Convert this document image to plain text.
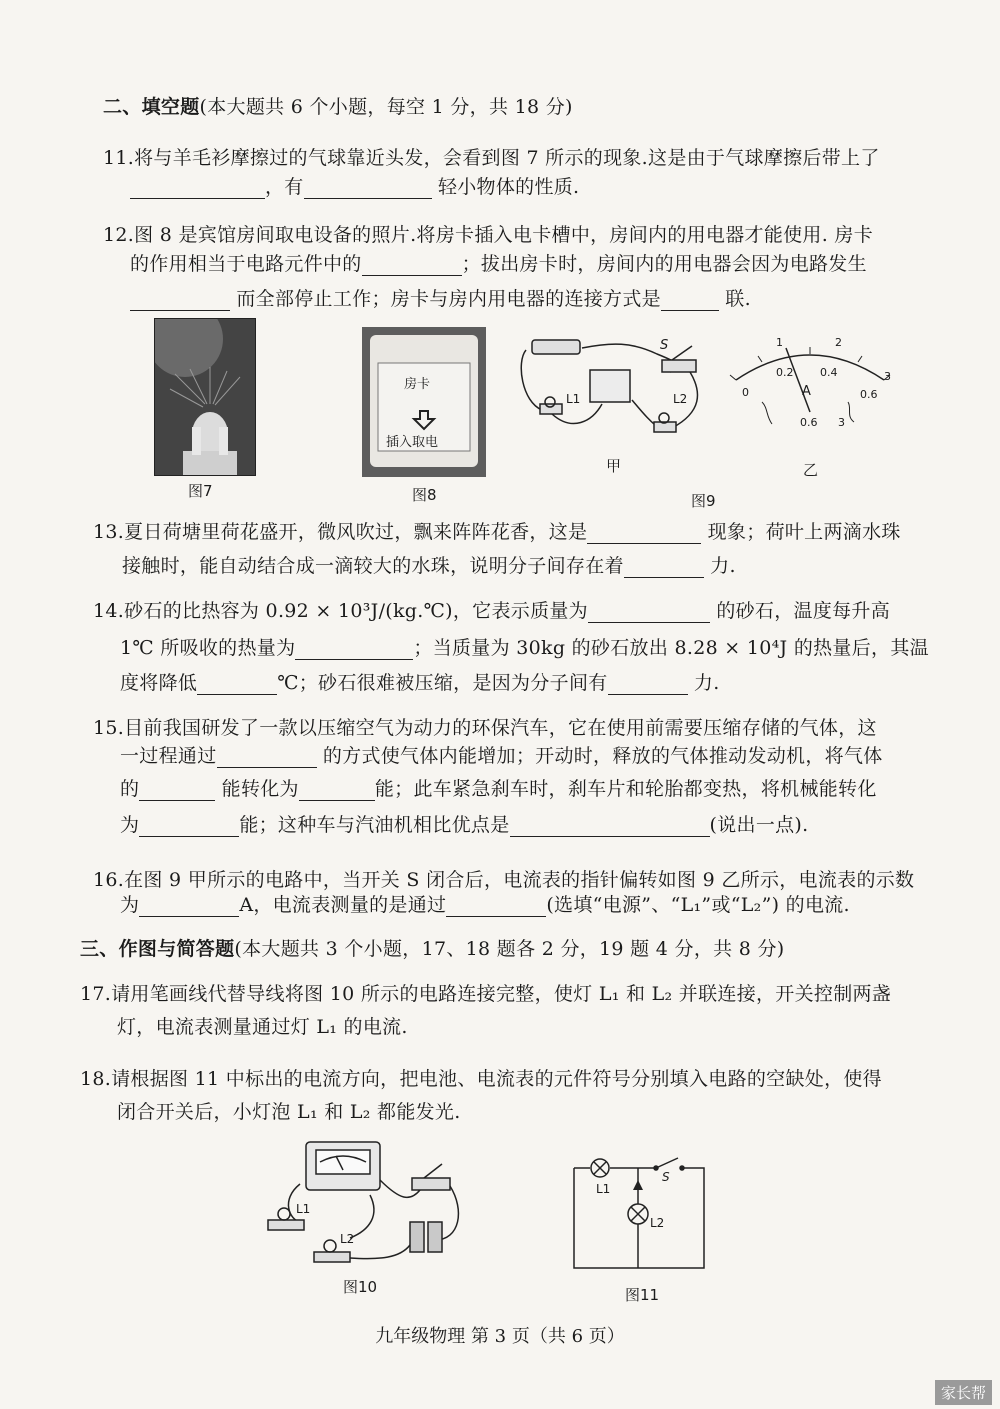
二、填空题(本大题共 6 个小题，每空 1 分，共 18 分)
11.将与羊毛衫摩擦过的气球靠近头发，会看到图 7 所示的现象.这是由于气球摩擦后带上了
，有	轻小物体的性质.
12.图 8 是宾馆房间取电设备的照片.将房卡插入电卡槽中，房间内的用电器才能使用. 房卡
的作用相当于电路元件中的	；拔出房卡时，房间内的用电器会因为电路发生
而全部停止工作；房卡与房内用电器的连接方式是	联.
图7
房卡
插入取电
图8
L1	L2
S
甲
1	2
3
0
0.2 0.4
0.6
A
0.6 3
乙
图9
13.夏日荷塘里荷花盛开，微风吹过，飘来阵阵花香，这是	现象；荷叶上两滴水珠
接触时，能自动结合成一滴较大的水珠，说明分子间存在着	力.
14.砂石的比热容为 0.92 × 10³J/(kg.℃)，它表示质量为	的砂石，温度每升高
1℃ 所吸收的热量为	；当质量为 30kg 的砂石放出 8.28 × 10⁴J 的热量后，其温
度将降低	℃；砂石很难被压缩，是因为分子间有	力.
15.目前我国研发了一款以压缩空气为动力的环保汽车，它在使用前需要压缩存储的气体，这
一过程通过	的方式使气体内能增加；开动时，释放的气体推动发动机，将气体
的	能转化为	能；此车紧急刹车时，刹车片和轮胎都变热，将机械能转化
为	能；这种车与汽油机相比优点是	(说出一点).
16.在图 9 甲所示的电路中，当开关 S 闭合后，电流表的指针偏转如图 9 乙所示，电流表的示数
为	A，电流表测量的是通过	(选填“电源”、“L₁”或“L₂”) 的电流.
三、作图与简答题(本大题共 3 个小题，17、18 题各 2 分，19 题 4 分，共 8 分)
17.请用笔画线代替导线将图 10 所示的电路连接完整，使灯 L₁ 和 L₂ 并联连接，开关控制两盏
灯，电流表测量通过灯 L₁ 的电流.
18.请根据图 11 中标出的电流方向，把电池、电流表的元件符号分别填入电路的空缺处，使得
闭合开关后，小灯泡 L₁ 和 L₂ 都能发光.
L1
L2
图10
L1
L2
S
图11
九年级物理 第 3 页（共 6 页）
家长帮
